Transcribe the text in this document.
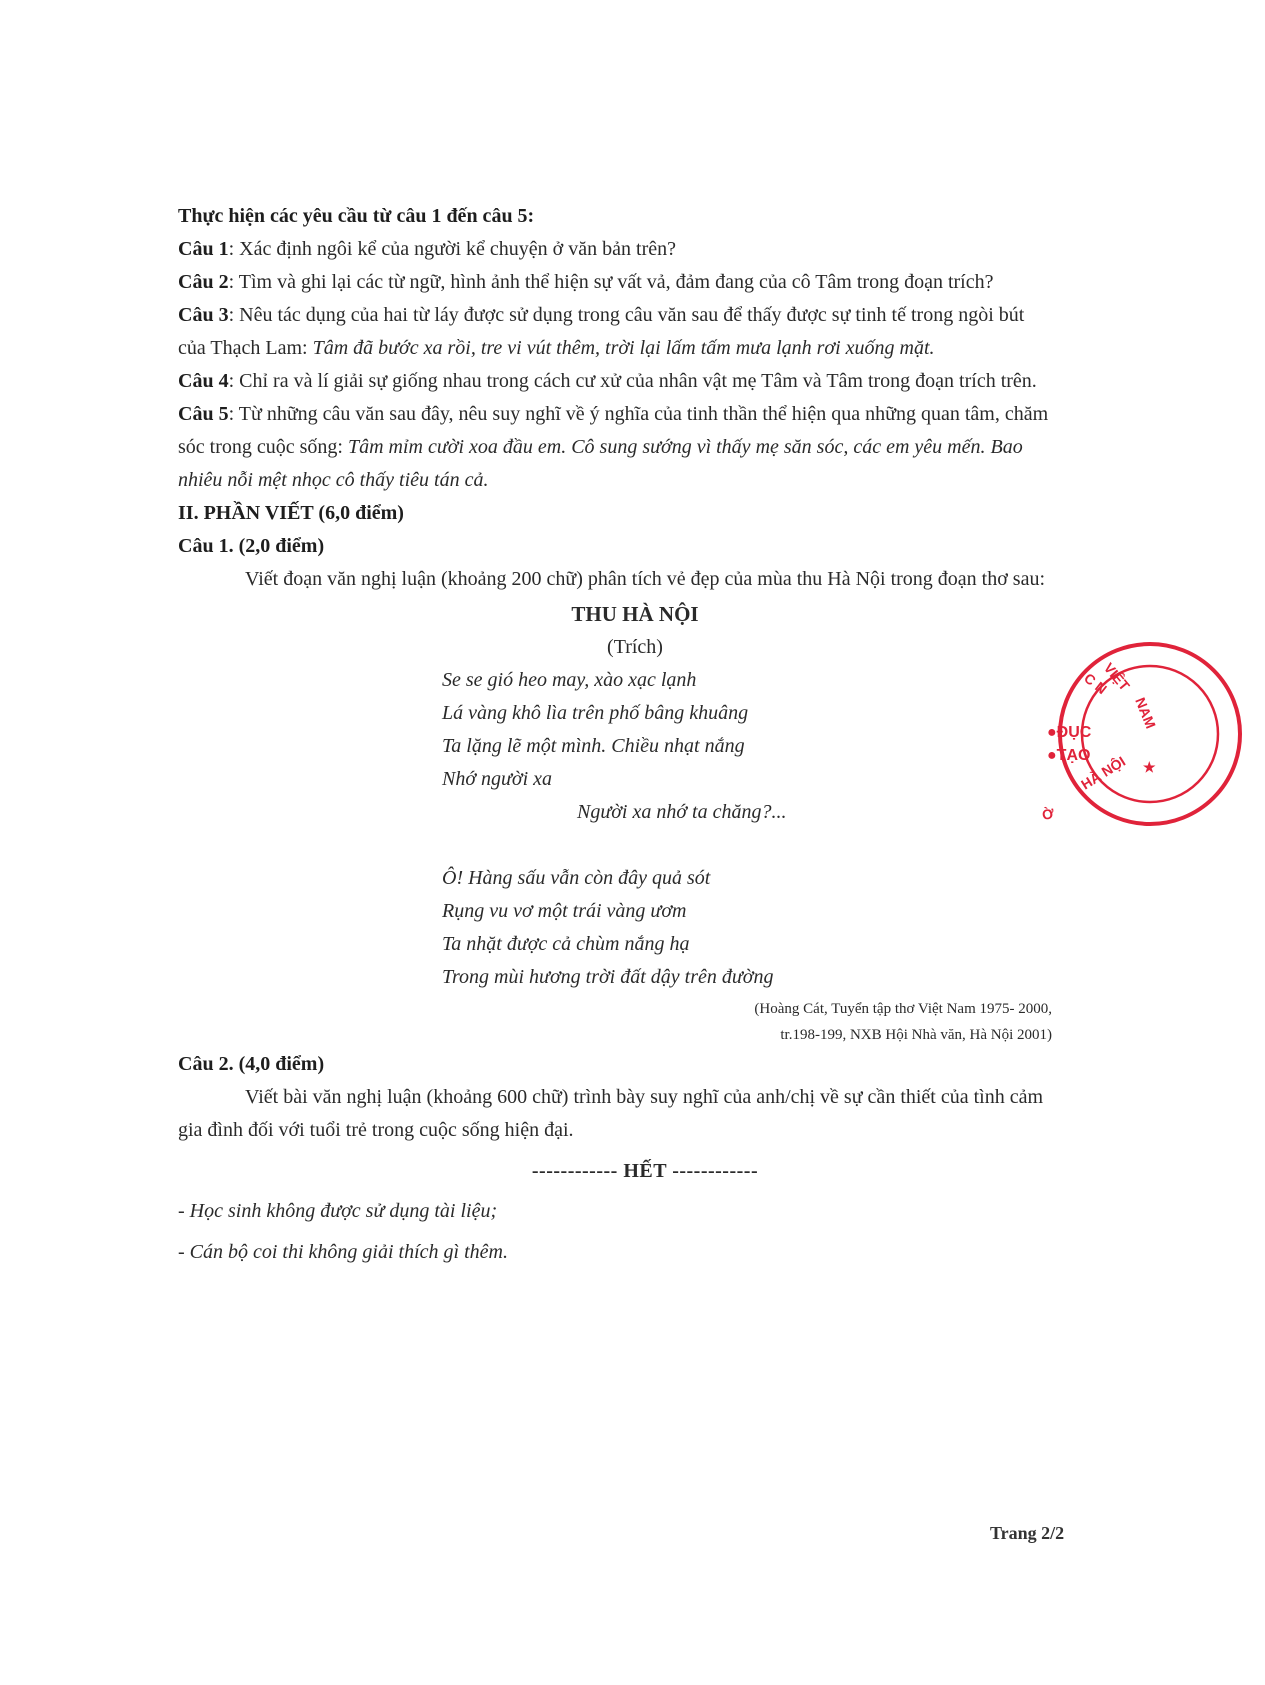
Thực hiện các yêu cầu từ câu 1 đến câu 5:

Câu 1: Xác định ngôi kể của người kể chuyện ở văn bản trên?

Câu 2: Tìm và ghi lại các từ ngữ, hình ảnh thể hiện sự vất vả, đảm đang của cô Tâm trong đoạn trích?

Câu 3: Nêu tác dụng của hai từ láy được sử dụng trong câu văn sau để thấy được sự tinh tế trong ngòi bút của Thạch Lam: Tâm đã bước xa rồi, tre vi vút thêm, trời lại lấm tấm mưa lạnh rơi xuống mặt.

Câu 4: Chỉ ra và lí giải sự giống nhau trong cách cư xử của nhân vật mẹ Tâm và Tâm trong đoạn trích trên.

Câu 5: Từ những câu văn sau đây, nêu suy nghĩ về ý nghĩa của tinh thần thể hiện qua những quan tâm, chăm sóc trong cuộc sống: Tâm mỉm cười xoa đầu em. Cô sung sướng vì thấy mẹ săn sóc, các em yêu mến. Bao nhiêu nỗi mệt nhọc cô thấy tiêu tán cả.

II. PHẦN VIẾT (6,0 điểm)

Câu 1. (2,0 điểm)

Viết đoạn văn nghị luận (khoảng 200 chữ) phân tích vẻ đẹp của mùa thu Hà Nội trong đoạn thơ sau:

THU HÀ NỘI

(Trích)

Se se gió heo may, xào xạc lạnh
Lá vàng khô lìa trên phố bâng khuâng
Ta lặng lẽ một mình. Chiều nhạt nắng
Nhớ người xa
Người xa nhớ ta chăng?...
Ô! Hàng sấu vẫn còn đây quả sót
Rụng vu vơ một trái vàng ươm
Ta nhặt được cả chùm nắng hạ
Trong mùi hương trời đất dậy trên đường
(Hoàng Cát, Tuyển tập thơ Việt Nam 1975- 2000,
tr.198-199, NXB Hội Nhà văn, Hà Nội 2001)

Câu 2. (4,0 điểm)

Viết bài văn nghị luận (khoảng 600 chữ) trình bày suy nghĩ của anh/chị về sự cần thiết của tình cảm gia đình đối với tuổi trẻ trong cuộc sống hiện đại.

------------ HẾT ------------

- Học sinh không được sử dụng tài liệu;

- Cán bộ coi thi không giải thích gì thêm.

C N
VIỆT
NAM
●ĐỤC
●TẠO
HÀ NỘI
Ờ
★
Trang 2/2
